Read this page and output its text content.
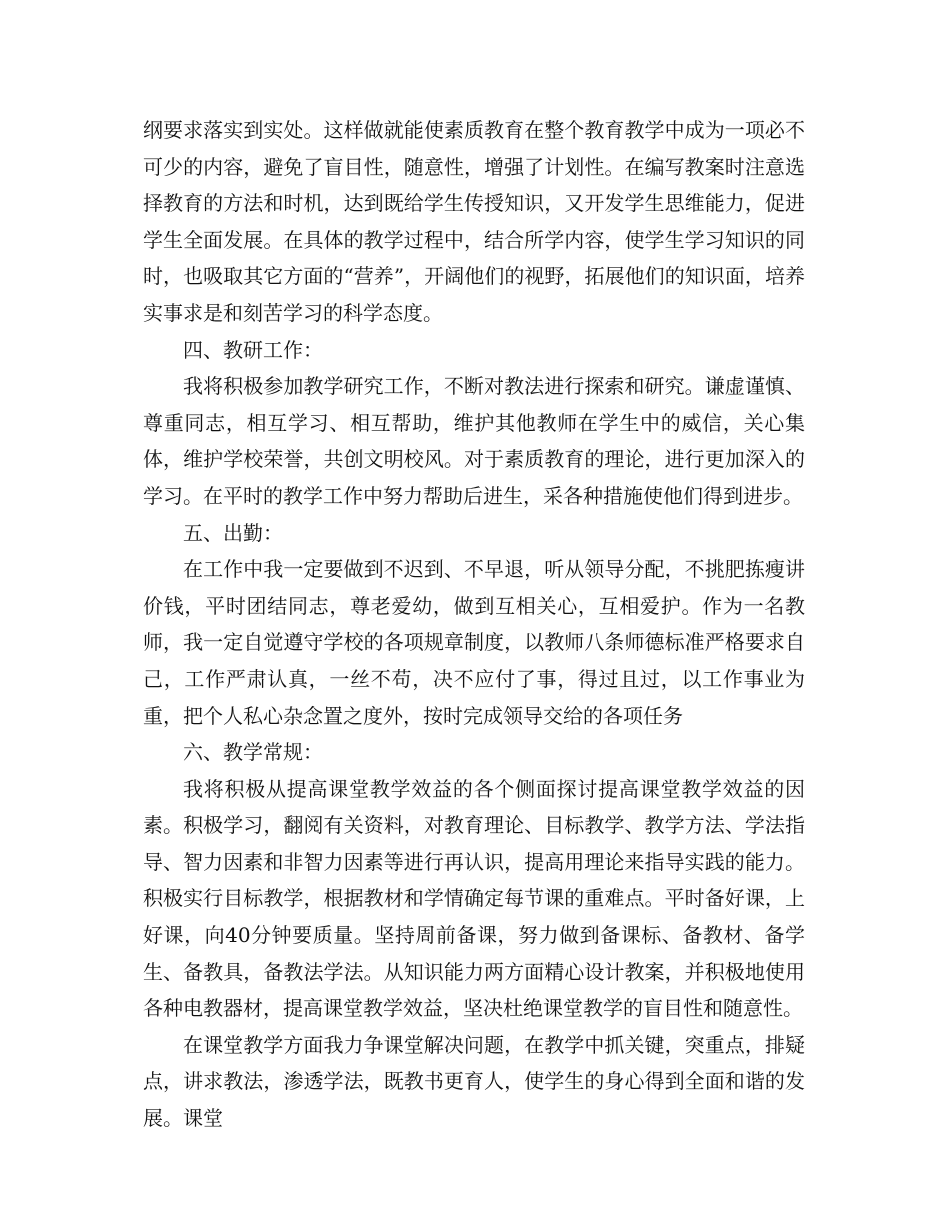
纲要求落实到实处。这样做就能使素质教育在整个教育教学中成为一项必不可少的内容，避免了盲目性，随意性，增强了计划性。在编写教案时注意选择教育的方法和时机，达到既给学生传授知识，又开发学生思维能力，促进学生全面发展。在具体的教学过程中，结合所学内容，使学生学习知识的同时，也吸取其它方面的“营养”，开阔他们的视野，拓展他们的知识面，培养实事求是和刻苦学习的科学态度。

四、教研工作：

我将积极参加教学研究工作，不断对教法进行探索和研究。谦虚谨慎、尊重同志，相互学习、相互帮助，维护其他教师在学生中的威信，关心集体，维护学校荣誉，共创文明校风。对于素质教育的理论，进行更加深入的学习。在平时的教学工作中努力帮助后进生，采各种措施使他们得到进步。

五、出勤：

在工作中我一定要做到不迟到、不早退，听从领导分配，不挑肥拣瘦讲价钱，平时团结同志，尊老爱幼，做到互相关心，互相爱护。作为一名教师，我一定自觉遵守学校的各项规章制度，以教师八条师德标准严格要求自己，工作严肃认真，一丝不苟，决不应付了事，得过且过，以工作事业为重，把个人私心杂念置之度外，按时完成领导交给的各项任务

六、教学常规：

我将积极从提高课堂教学效益的各个侧面探讨提高课堂教学效益的因素。积极学习，翻阅有关资料，对教育理论、目标教学、教学方法、学法指导、智力因素和非智力因素等进行再认识，提高用理论来指导实践的能力。积极实行目标教学，根据教材和学情确定每节课的重难点。平时备好课，上好课，向40分钟要质量。坚持周前备课，努力做到备课标、备教材、备学生、备教具，备教法学法。从知识能力两方面精心设计教案，并积极地使用各种电教器材，提高课堂教学效益，坚决杜绝课堂教学的盲目性和随意性。

在课堂教学方面我力争课堂解决问题，在教学中抓关键，突重点，排疑点，讲求教法，渗透学法，既教书更育人，使学生的身心得到全面和谐的发展。课堂
